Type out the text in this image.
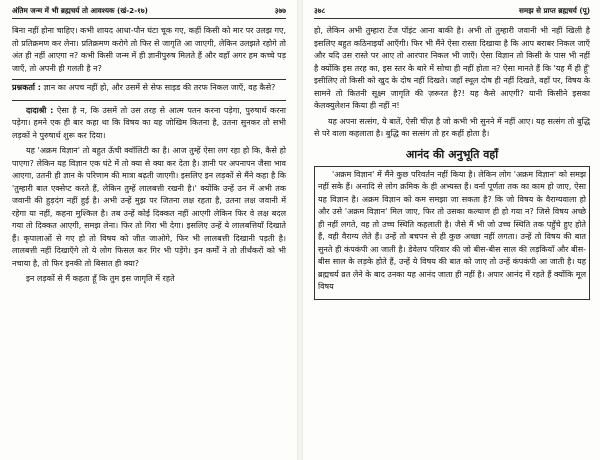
अंतिम जन्म में भी ब्रह्मचर्य तो आवश्यक (खं-2-१७)	३७७

बिना नहीं होना चाहिए। कभी शायद आधा-पौन घंटा चूक गए, कहीं किसी को मार पर उलझ गए, तो प्रतिक्रमण कर लेना। प्रतिक्रमण करोगे तो फिर से जागृति आ जाएगी, लेकिन उलझते रहोगे तो अंत ही नहीं आएगा न? कभी किसी जन्म में ही ज्ञानीपुरुष मिलते हैं और वहाँ अगर हम कच्चे पड़ जाएँ, तो अपनी ही गलती है न?

प्रश्नकर्ता : ज्ञान का अपच नहीं हो, और उसमें से सेफ साइड की तरफ निकल जाएँ, वह कैसे?

दादाश्री : ऐसा है न, कि उसमें तो उस तरह से आत्म पतन करना पड़ेगा, पुरुषार्थ करना पड़ेगा। हमने एक ही बार कहा था कि विषय का यह जोखिम कितना है, उतना सुनकर तो सभी लड़कों ने पुरुषार्थ शुरू कर दिया।

यह 'अक्रम विज्ञान' तो बहुत ऊँची क्वॉलिटी का है। आज तुम्हें ऐसा लग रहा हो कि, कैसे हो पाएगा? लेकिन यह विज्ञान एक घंटे में तो क्या से क्या कर देता है। ज्ञानी पर अपनापन जैसा भाव आएगा, उतनी ही ज्ञान के परिणाम की मात्रा बढ़ती जाएगी। इसलिए इन लड़कों से मैंने कहा है कि 'तुम्हारी बात एक्सेप्ट करते हैं, लेकिन तुम्हें लालबत्ती रखनी है।' क्योंकि उन्हें उन में अभी तक जवानी की हुड़दंग नहीं हुई है। अभी उन्हें मुझ पर जितना लक्ष रहता है, उतना लक्ष जवानी में रहेगा या नहीं, कहना मुश्किल है। तब उन्हें कोई दिक्कत नहीं आएगी लेकिन फिर वे लक्ष बदल गया तो दिक्कत आएगी, समझ लेना। फिर तो गिरा भी देगा। इसलिए उन्हें ये लालबत्तियाँ दिखाते हैं। कृपालाओं से गए हो तो विषय को जीत जाओगे, फिर भी लालबत्ती दिखानी पड़ती है। लालबत्ती नहीं दिखाएँगे तो ये लोग फिसल कर गिर भी पड़ेंगे। इन कर्मों ने तो तीर्थंकरों को भी नचाया है, तो फिर इनकी तो बिसात ही क्या?

इन लड़कों से मैं कहता हूँ कि तुम इस जागृति में रहते

३७८	समझ से प्राप्त ब्रह्मचर्य (पू)

हो, लेकिन अभी तुम्हारा टेंज पॉइंट आना बाकी है। अभी तो तुम्हारी जवानी भी नहीं खिली है इसलिए बहुत कठिनाइयाँ आएँगी। फिर भी मैंने ऐसा रास्ता दिखाया है कि आप बराबर निकल जाएँ और यदि उस रास्ते पर आए तो आरपार निकल भी जाएँ। ऐसा विज्ञान तो किसी के पास भी नहीं है क्योंकि इस तरह का, इस स्तर के बारे में सोचा ही नहीं होता न? ऐसा मानते हैं कि 'यह मैं ही हूँ' इसीलिए तो किसी को खुद के दोष नहीं दिखते। जहाँ स्थूल दोष ही नहीं दिखते, वहाँ पर, विषय के सामने तो कितनी सूक्ष्म जागृति की ज़रूरत है?! यह कैसे आएगी? यानी किसीने इसका केलक्युलेशन किया ही नहीं न!

यह अपना सत्संग, ये बातें, ऐसी चीज़ है जो कभी भी सुनने में नहीं आए। यह सत्संग तो बुद्धि से परे वाला कहलाता है। बुद्धि का सत्संग तो हर कहीं होता है।

आनंद की अनुभूति वहाँ

'अक्रम विज्ञान' में मैंने कुछ परिवर्तन नहीं किया है। लेकिन लोग 'अक्रम विज्ञान' को समझ नहीं सके हैं। अनादि से लोग क्रमिक के ही अभ्यस्त हैं। वर्ना पूर्णता तक का काम हो जाए, ऐसा यह विज्ञान है। अक्रम विज्ञान को कम समझा जा सकता है? कि जो विषय के वैराग्यवाला हो और उसे 'अक्रम विज्ञान' मिल जाए, फिर तो उसका कल्याण ही हो गया न? जिसे विषय अच्छे ही नहीं लगते, वह तो उच्च स्थिति कहलाती है। जैसे मैं भी जो उच्च स्थिति तक पहुँचे हुए होते हैं, वही वैराग्य लेते हैं। उन्हें तो बचपन से ही कुछ अच्छा नहीं लगता। उन्हें तो विषय की बात सुनते ही कंपकंपी आ जाती है। डेवेलप परिवार की जो बीस-बीस साल की लड़कियाँ और बीस-बीस साल के लड़के होते हैं, उन्हें ये विषय की बात को जाए तो उन्हें कंपकंपी आ जाती है। यह ब्रह्मचर्य व्रत लेने के बाद उनका यह आनंद जाता ही नहीं है। अपार आनंद में रहते हैं क्योंकि मूल विषय
